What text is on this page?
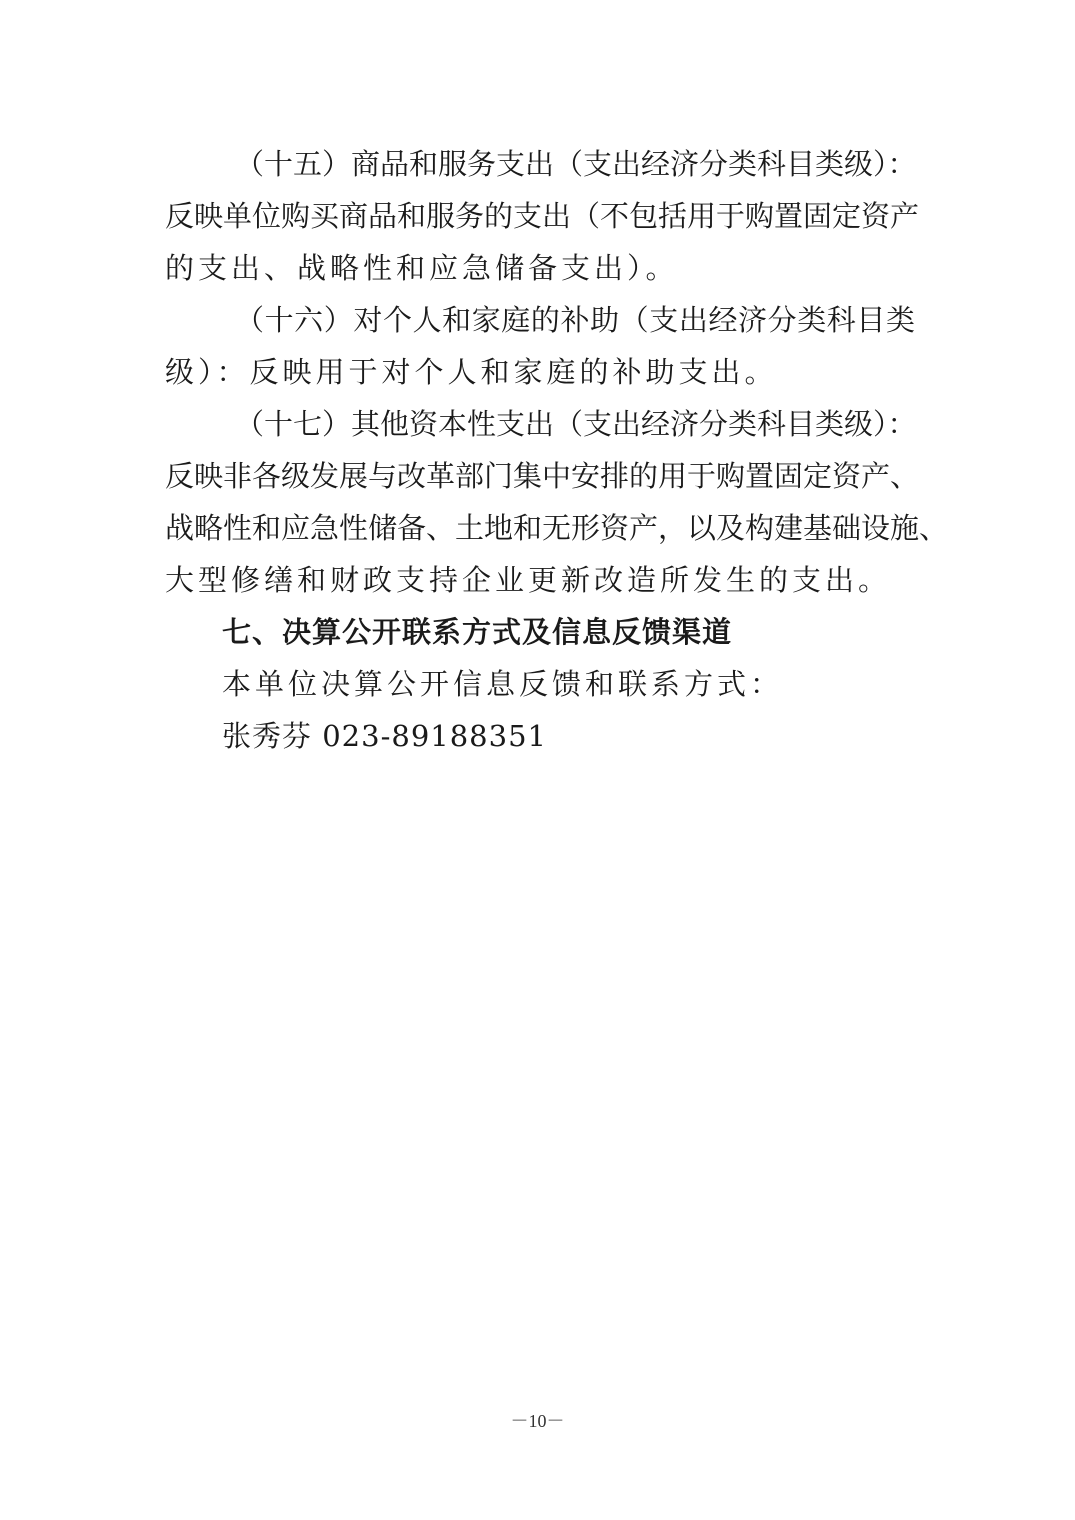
（十五）商品和服务支出（支出经济分类科目类级）：
反映单位购买商品和服务的支出（不包括用于购置固定资产
的支出、战略性和应急储备支出）。
（十六）对个人和家庭的补助（支出经济分类科目类
级）：反映用于对个人和家庭的补助支出。
（十七）其他资本性支出（支出经济分类科目类级）：
反映非各级发展与改革部门集中安排的用于购置固定资产、
战略性和应急性储备、土地和无形资产，以及构建基础设施、
大型修缮和财政支持企业更新改造所发生的支出。
七、决算公开联系方式及信息反馈渠道
本单位决算公开信息反馈和联系方式：
张秀芬 023-89188351
－10－
